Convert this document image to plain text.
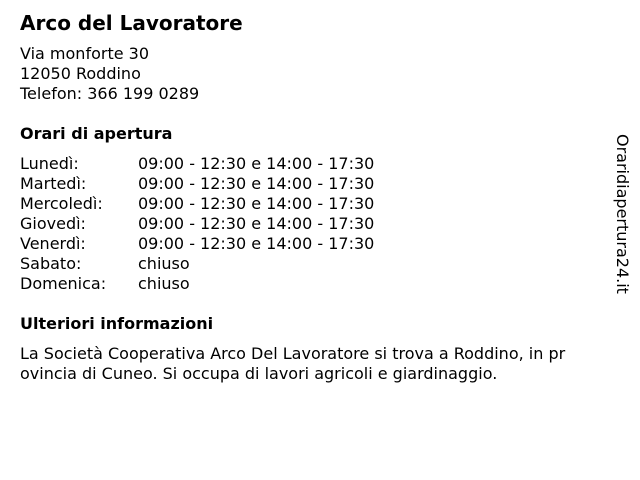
Arco del Lavoratore
Via monforte 30
12050 Roddino
Telefon: 366 199 0289
Orari di apertura
Lunedì:	09:00 - 12:30 e 14:00 - 17:30
Martedì:	09:00 - 12:30 e 14:00 - 17:30
Mercoledì: 09:00 - 12:30 e 14:00 - 17:30
Giovedì:	09:00 - 12:30 e 14:00 - 17:30
Venerdì:	09:00 - 12:30 e 14:00 - 17:30
Sabato:	chiuso
Domenica: chiuso
Ulteriori informazioni
La Società Cooperativa Arco Del Lavoratore si trova a Roddino, in pr
ovincia di Cuneo. Si occupa di lavori agricoli e giardinaggio.
Oraridiapertura24.it
